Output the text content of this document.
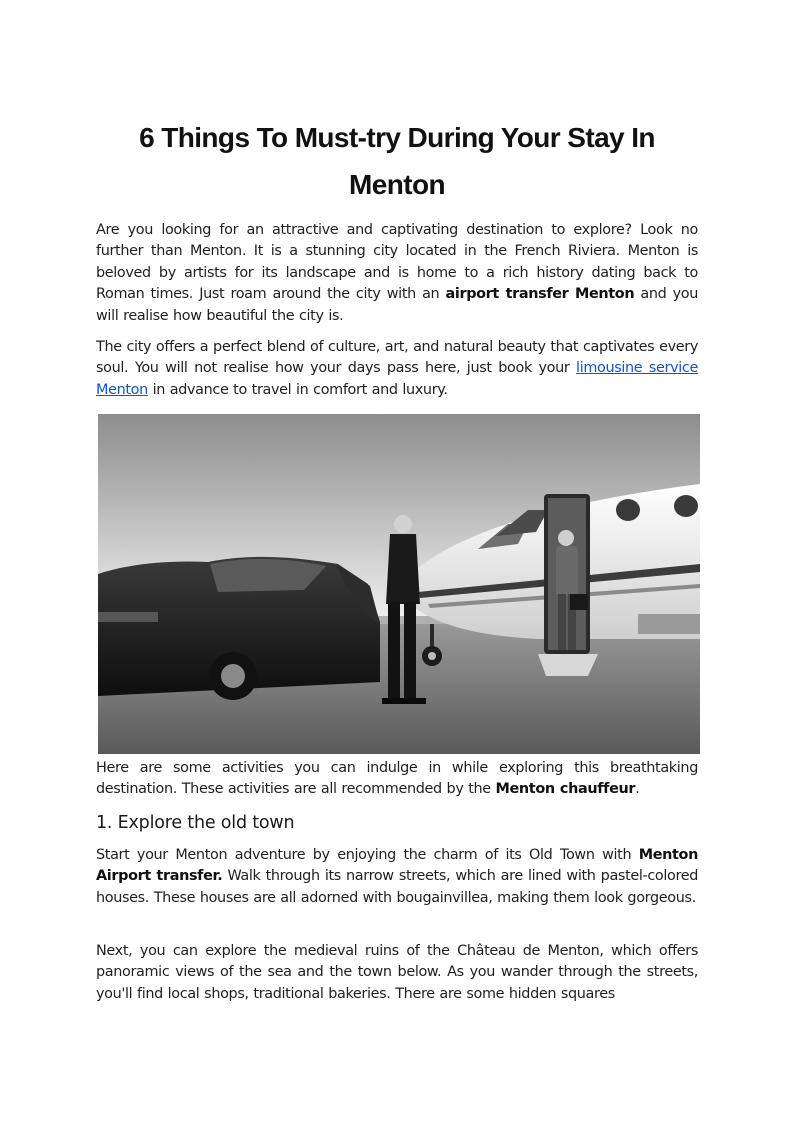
6 Things To Must-try During Your Stay In Menton

Are you looking for an attractive and captivating destination to explore? Look no further than Menton. It is a stunning city located in the French Riviera. Menton is beloved by artists for its landscape and is home to a rich history dating back to Roman times. Just roam around the city with an airport transfer Menton and you will realise how beautiful the city is.

The city offers a perfect blend of culture, art, and natural beauty that captivates every soul. You will not realise how your days pass here, just book your limousine service Menton in advance to travel in comfort and luxury.

Here are some activities you can indulge in while exploring this breathtaking destination. These activities are all recommended by the Menton chauffeur.

1. Explore the old town

Start your Menton adventure by enjoying the charm of its Old Town with Menton Airport transfer. Walk through its narrow streets, which are lined with pastel-colored houses. These houses are all adorned with bougainvillea, making them look gorgeous.

Next, you can explore the medieval ruins of the Château de Menton, which offers panoramic views of the sea and the town below. As you wander through the streets, you'll find local shops, traditional bakeries. There are some hidden squares
